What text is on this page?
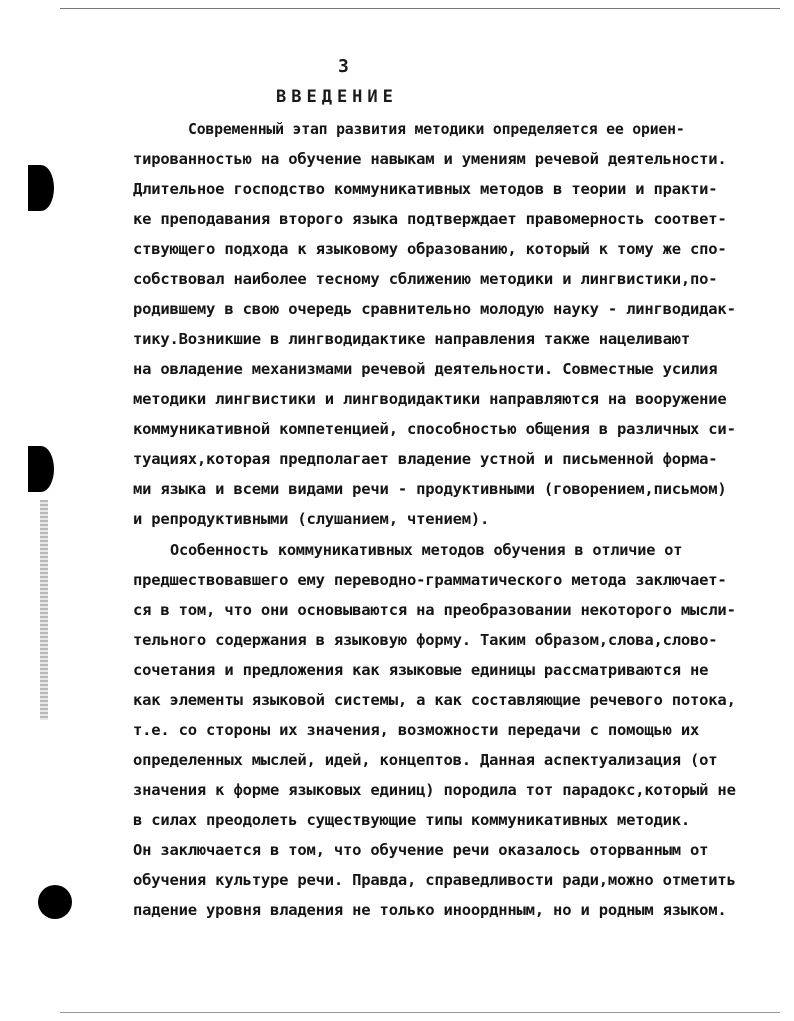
3
ВВЕДЕНИЕ
Современный этап развития методики определяется ее ориен-
тированностью на обучение навыкам и умениям речевой деятельности.
Длительное господство коммуникативных методов в теории и практи-
ке преподавания второго языка подтверждает правомерность соответ-
ствующего подхода к языковому образованию, который к тому же спо-
собствовал наиболее тесному сближению методики и лингвистики,по-
родившему в свою очередь сравнительно молодую науку - лингводидак-
тику.Возникшие в лингводидактике направления также нацеливают
на овладение механизмами речевой деятельности. Совместные усилия
методики лингвистики и лингводидактики направляются на вооружение
коммуникативной компетенцией, способностью общения в различных си-
туациях,которая предполагает владение устной и письменной форма-
ми языка и всеми видами речи - продуктивными (говорением,письмом)
и репродуктивными (слушанием, чтением).
Особенность коммуникативных методов обучения в отличие от
предшествовавшего ему переводно-грамматического метода заключает-
ся в том, что они основываются на преобразовании некоторого мысли-
тельного содержания в языковую форму. Таким образом,слова,слово-
сочетания и предложения как языковые единицы рассматриваются не
как элементы языковой системы, а как составляющие речевого потока,
т.е. со стороны их значения, возможности передачи с помощью их
определенных мыслей, идей, концептов. Данная аспектуализация (от
значения к форме языковых единиц) породила тот парадокс,который не
в силах преодолеть существующие типы коммуникативных методик.
Он заключается в том, что обучение речи оказалось оторванным от
обучения культуре речи. Правда, справедливости ради,можно отметить
падение уровня владения не только иноорднным, но и родным языком.
